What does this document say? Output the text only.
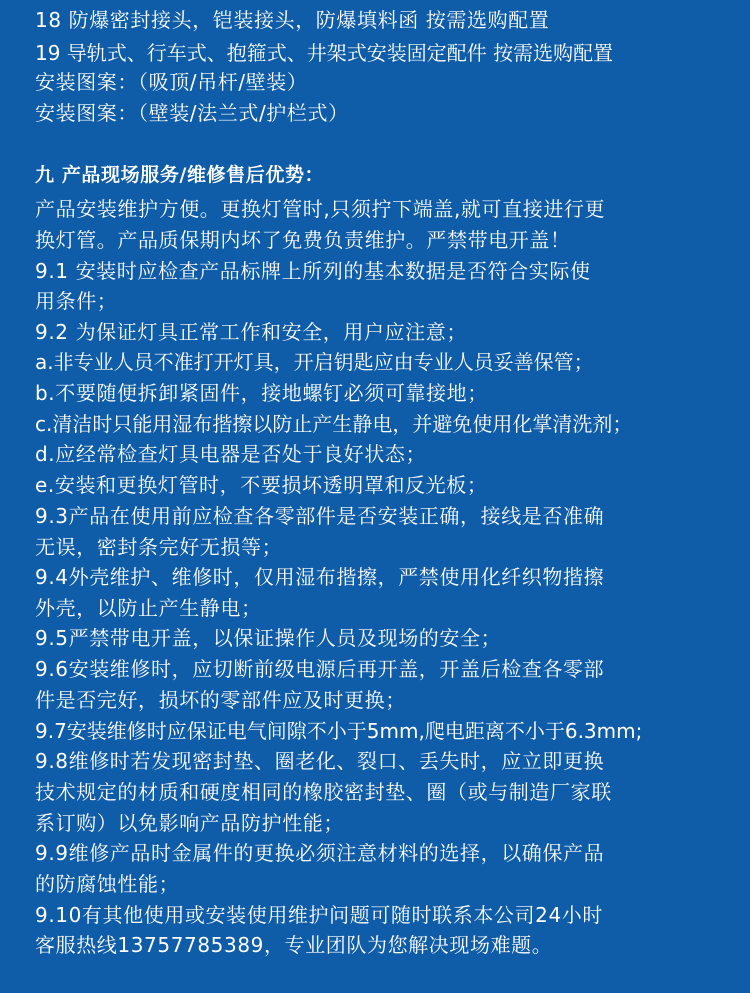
18 防爆密封接头，铠装接头，防爆填料函 按需选购配置
19 导轨式、行车式、抱箍式、井架式安装固定配件 按需选购配置
安装图案：（吸顶/吊杆/壁装）
安装图案：（壁装/法兰式/护栏式）
九 产品现场服务/维修售后优势：
产品安装维护方便。更换灯管时,只须拧下端盖,就可直接进行更
换灯管。产品质保期内坏了免费负责维护。严禁带电开盖！
9.1 安装时应检查产品标牌上所列的基本数据是否符合实际使
用条件；
9.2 为保证灯具正常工作和安全，用户应注意；
a.非专业人员不准打开灯具，开启钥匙应由专业人员妥善保管；
b.不要随便拆卸紧固件，接地螺钉必须可靠接地；
c.清洁时只能用湿布揩擦以防止产生静电，并避免使用化掌清洗剂；
d.应经常检查灯具电器是否处于良好状态；
e.安装和更换灯管时，不要损坏透明罩和反光板；
9.3产品在使用前应检查各零部件是否安装正确，接线是否准确
无误，密封条完好无损等；
9.4外壳维护、维修时，仅用湿布揩擦，严禁使用化纤织物揩擦
外壳，以防止产生静电；
9.5严禁带电开盖，以保证操作人员及现场的安全；
9.6安装维修时，应切断前级电源后再开盖，开盖后检查各零部
件是否完好，损坏的零部件应及时更换；
9.7安装维修时应保证电气间隙不小于5mm,爬电距离不小于6.3mm;
9.8维修时若发现密封垫、圈老化、裂口、丢失时，应立即更换
技术规定的材质和硬度相同的橡胶密封垫、圈（或与制造厂家联
系订购）以免影响产品防护性能；
9.9维修产品时金属件的更换必须注意材料的选择，以确保产品
的防腐蚀性能；
9.10有其他使用或安装使用维护问题可随时联系本公司24小时
客服热线13757785389，专业团队为您解决现场难题。
